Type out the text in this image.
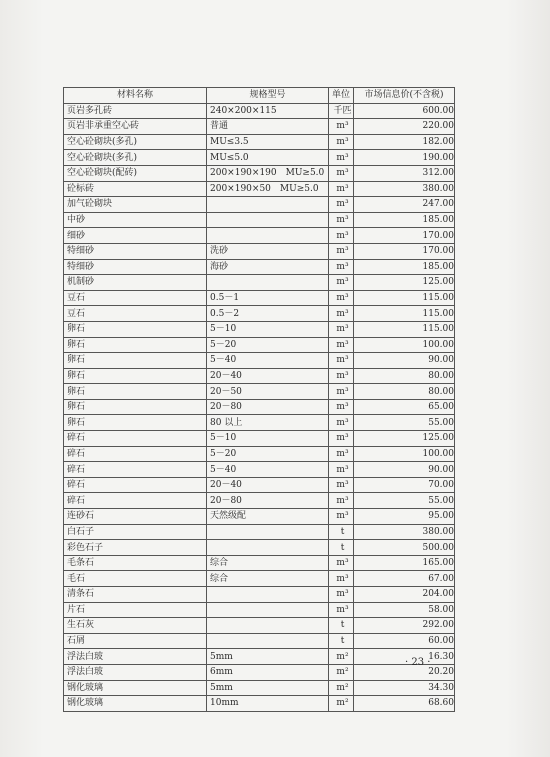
材料名称	规格型号	单位	市场信息价(不含税)
页岩多孔砖	240×200×115	千匹	600.00
页岩非承重空心砖	普通	m³	220.00
空心砼砌块(多孔)	MU≤3.5	m³	182.00
空心砼砌块(多孔)	MU≤5.0	m³	190.00
空心砼砌块(配砖)	200×190×190　MU≥5.0	m³	312.00
砼标砖	200×190×50　MU≥5.0	m³	380.00
加气砼砌块		m³	247.00
中砂		m³	185.00
细砂		m³	170.00
特细砂	洗砂	m³	170.00
特细砂	海砂	m³	185.00
机制砂		m³	125.00
豆石	0.5－1	m³	115.00
豆石	0.5－2	m³	115.00
卵石	5－10	m³	115.00
卵石	5－20	m³	100.00
卵石	5－40	m³	90.00
卵石	20－40	m³	80.00
卵石	20－50	m³	80.00
卵石	20－80	m³	65.00
卵石	80 以上	m³	55.00
碎石	5－10	m³	125.00
碎石	5－20	m³	100.00
碎石	5－40	m³	90.00
碎石	20－40	m³	70.00
碎石	20－80	m³	55.00
连砂石	天然级配	m³	95.00
白石子		t	380.00
彩色石子		t	500.00
毛条石	综合	m³	165.00
毛石	综合	m³	67.00
清条石		m³	204.00
片石		m³	58.00
生石灰		t	292.00
石屑		t	60.00
浮法白玻	5mm	m²	16.30
浮法白玻	6mm	m²	20.20
钢化玻璃	5mm	m²	34.30
钢化玻璃	10mm	m²	68.60
· 23 ·
